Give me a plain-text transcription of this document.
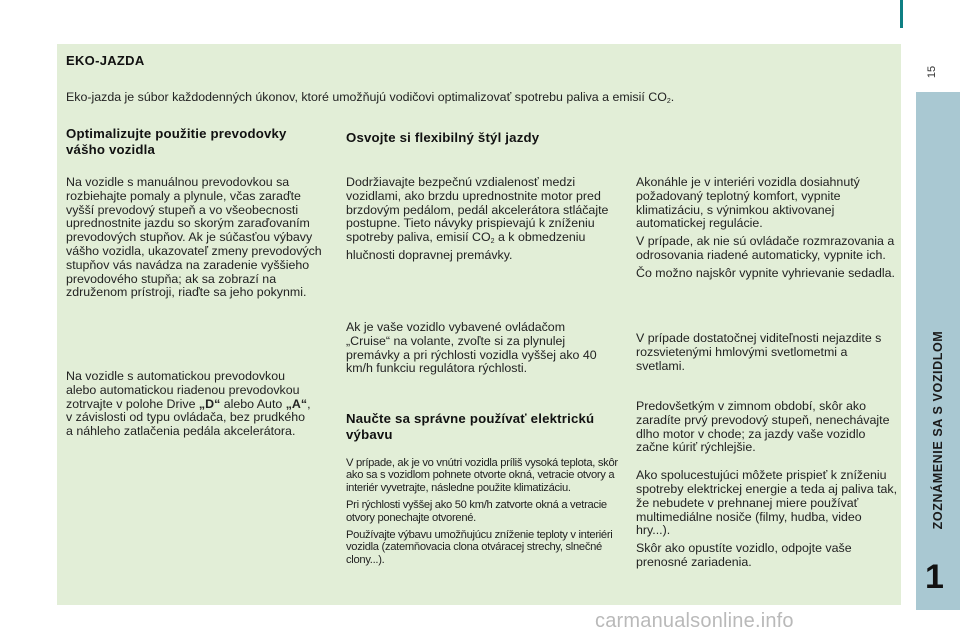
EKO-JAZDA
Eko-jazda je súbor každodenných úkonov, ktoré umožňujú vodičovi optimalizovať spotrebu paliva a emisií $CO_2$.
Optimalizujte použitie prevodovky vášho vozidla
Na vozidle s manuálnou prevodovkou sa rozbiehajte pomaly a plynule, včas zaraďte vyšší prevodový stupeň a vo všeobecnosti uprednostnite jazdu so skorým zaraďovaním prevodových stupňov. Ak je súčasťou výbavy vášho vozidla, ukazovateľ zmeny prevodových stupňov vás navádza na zaradenie vyššieho prevodového stupňa; ak sa zobrazí na združenom prístroji, riaďte sa jeho pokynmi.
Na vozidle s automatickou prevodovkou alebo automatickou riadenou prevodovkou zotrvajte v polohe Drive „D“ alebo Auto „A“, v závislosti od typu ovládača, bez prudkého a náhleho zatlačenia pedála akcelerátora.
Osvojte si flexibilný štýl jazdy
Dodržiavajte bezpečnú vzdialenosť medzi vozidlami, ako brzdu uprednostnite motor pred brzdovým pedálom, pedál akcelerátora stláčajte postupne. Tieto návyky prispievajú k zníženiu spotreby paliva, emisií $CO_2$ a k obmedzeniu hlučnosti dopravnej premávky.
Ak je vaše vozidlo vybavené ovládačom „Cruise“ na volante, zvoľte si za plynulej premávky a pri rýchlosti vozidla vyššej ako 40 km/h funkciu regulátora rýchlosti.
Naučte sa správne používať elektrickú výbavu

V prípade, ak je vo vnútri vozidla príliš vysoká teplota, skôr ako sa s vozidlom pohnete otvorte okná, vetracie otvory a interiér vyvetrajte, následne použite klimatizáciu.

Pri rýchlosti vyššej ako 50 km/h zatvorte okná a vetracie otvory ponechajte otvorené.

Používajte výbavu umožňujúcu zníženie teploty v interiéri vozidla (zatemňovacia clona otváracej strechy, slnečné clony...).

Akonáhle je v interiéri vozidla dosiahnutý požadovaný teplotný komfort, vypnite klimatizáciu, s výnimkou aktivovanej automatickej regulácie.

V prípade, ak nie sú ovládače rozmrazovania a odrosovania riadené automaticky, vypnite ich.

Čo možno najskôr vypnite vyhrievanie sedadla.

V prípade dostatočnej viditeľnosti nejazdite s rozsvietenými hmlovými svetlometmi a svetlami.

Predovšetkým v zimnom období, skôr ako zaradíte prvý prevodový stupeň, nenechávajte dlho motor v chode; za jazdy vaše vozidlo začne kúriť rýchlejšie.

Ako spolucestujúci môžete prispieť k zníženiu spotreby elektrickej energie a teda aj paliva tak, že nebudete v prehnanej miere používať multimediálne nosiče (filmy, hudba, video hry...).

Skôr ako opustíte vozidlo, odpojte vaše prenosné zariadenia.

15
ZOZNÁMENIE SA S VOZIDLOM
1
carmanualsonline.info
